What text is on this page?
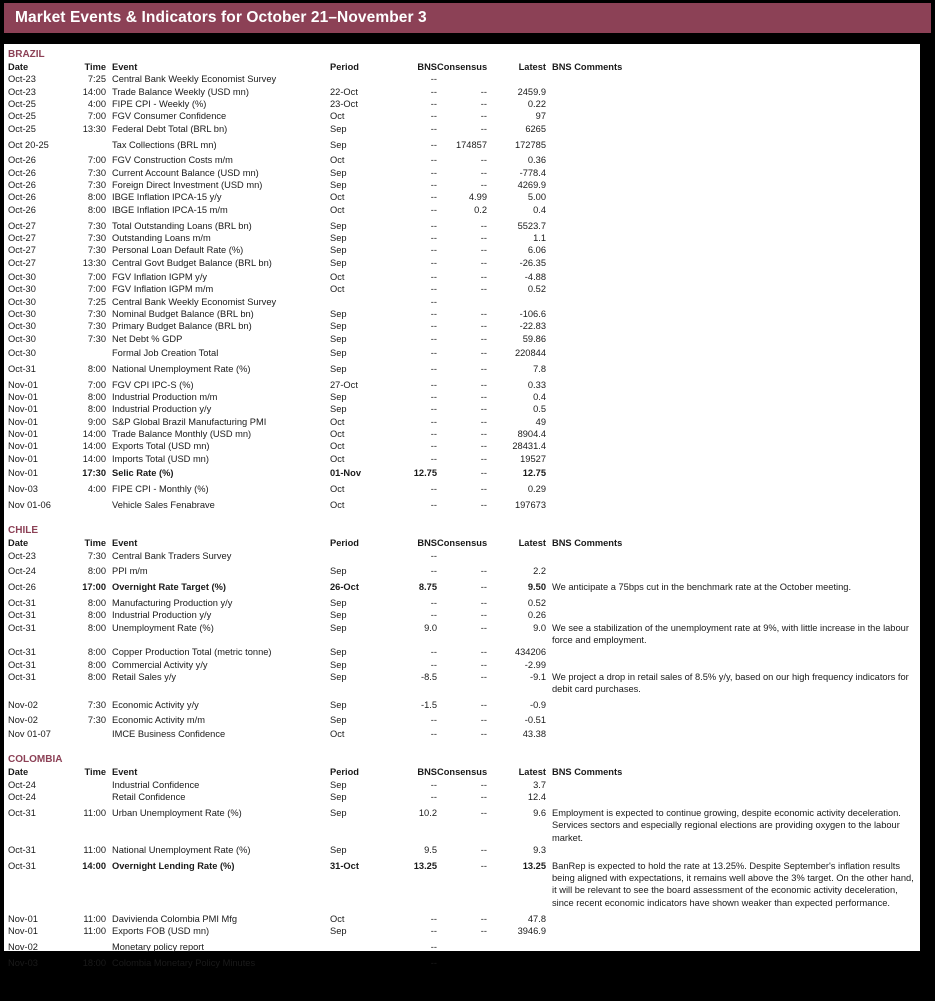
Market Events & Indicators for October 21–November 3
BRAZIL
Date	Time Event	Period	BNS Consensus	Latest BNS Comments
Oct-23	7:25 Central Bank Weekly Economist Survey	--
Oct-23	14:00 Trade Balance Weekly (USD mn)	22-Oct	--	--	2459.9
Oct-25	4:00 FIPE CPI - Weekly (%)	23-Oct	--	--	0.22
Oct-25	7:00 FGV Consumer Confidence	Oct	--	--	97
Oct-25	13:30 Federal Debt Total (BRL bn)	Sep	--	--	6265
Oct 20-25	Tax Collections (BRL mn)	Sep	--	174857	172785
Oct-26	7:00 FGV Construction Costs m/m	Oct	--	--	0.36
Oct-26	7:30 Current Account Balance (USD mn)	Sep	--	--	-778.4
Oct-26	7:30 Foreign Direct Investment (USD mn)	Sep	--	--	4269.9
Oct-26	8:00 IBGE Inflation IPCA-15 y/y	Oct	--	4.99	5.00
Oct-26	8:00 IBGE Inflation IPCA-15 m/m	Oct	--	0.2	0.4
Oct-27	7:30 Total Outstanding Loans (BRL bn)	Sep	--	--	5523.7
Oct-27	7:30 Outstanding Loans m/m	Sep	--	--	1.1
Oct-27	7:30 Personal Loan Default Rate (%)	Sep	--	--	6.06
Oct-27	13:30 Central Govt Budget Balance (BRL bn)	Sep	--	--	-26.35
Oct-30	7:00 FGV Inflation IGPM y/y	Oct	--	--	-4.88
Oct-30	7:00 FGV Inflation IGPM m/m	Oct	--	--	0.52
Oct-30	7:25 Central Bank Weekly Economist Survey	--
Oct-30	7:30 Nominal Budget Balance (BRL bn)	Sep	--	--	-106.6
Oct-30	7:30 Primary Budget Balance (BRL bn)	Sep	--	--	-22.83
Oct-30	7:30 Net Debt % GDP	Sep	--	--	59.86
Oct-30	Formal Job Creation Total	Sep	--	--	220844
Oct-31	8:00 National Unemployment Rate (%)	Sep	--	--	7.8
Nov-01	7:00 FGV CPI IPC-S (%)	27-Oct	--	--	0.33
Nov-01	8:00 Industrial Production m/m	Sep	--	--	0.4
Nov-01	8:00 Industrial Production y/y	Sep	--	--	0.5
Nov-01	9:00 S&P Global Brazil Manufacturing PMI	Oct	--	--	49
Nov-01	14:00 Trade Balance Monthly (USD mn)	Oct	--	--	8904.4
Nov-01	14:00 Exports Total (USD mn)	Oct	--	--	28431.4
Nov-01	14:00 Imports Total (USD mn)	Oct	--	--	19527
Nov-01	17:30 Selic Rate (%)	01-Nov	12.75	--	12.75
Nov-03	4:00 FIPE CPI - Monthly (%)	Oct	--	--	0.29
Nov 01-06	Vehicle Sales Fenabrave	Oct	--	--	197673
CHILE
Date	Time Event	Period	BNS Consensus	Latest BNS Comments
Oct-23	7:30 Central Bank Traders Survey	--
Oct-24	8:00 PPI m/m	Sep	--	--	2.2
Oct-26	17:00 Overnight Rate Target (%)	26-Oct	8.75	--	9.50 We anticipate a 75bps cut in the benchmark rate at the October meeting.
Oct-31	8:00 Manufacturing Production y/y	Sep	--	--	0.52
Oct-31	8:00 Industrial Production y/y	Sep	--	--	0.26
Oct-31	8:00 Unemployment Rate (%)	Sep	9.0	--	9.0 We see a stabilization of the unemployment rate at 9%, with little increase in the labour force and employment.
Oct-31	8:00 Copper Production Total (metric tonne)	Sep	--	--	434206
Oct-31	8:00 Commercial Activity y/y	Sep	--	--	-2.99
Oct-31	8:00 Retail Sales y/y	Sep	-8.5	--	-9.1 We project a drop in retail sales of 8.5% y/y, based on our high frequency indicators for debit card purchases.
Nov-02	7:30 Economic Activity y/y	Sep	-1.5	--	-0.9
Nov-02	7:30 Economic Activity m/m	Sep	--	--	-0.51
Nov 01-07	IMCE Business Confidence	Oct	--	--	43.38
COLOMBIA
Date	Time Event	Period	BNS Consensus	Latest BNS Comments
Oct-24	Industrial Confidence	Sep	--	--	3.7
Oct-24	Retail Confidence	Sep	--	--	12.4
Oct-31	11:00 Urban Unemployment Rate (%)	Sep	10.2	--	9.6 Employment is expected to continue growing, despite economic activity deceleration. Services sectors and especially regional elections are providing oxygen to the labour market.
Oct-31	11:00 National Unemployment Rate (%)	Sep	9.5	--	9.3
Oct-31	14:00 Overnight Lending Rate (%)	31-Oct	13.25	--	13.25 BanRep is expected to hold the rate at 13.25%. Despite September's inflation results being aligned with expectations, it remains well above the 3% target. On the other hand, it will be relevant to see the board assessment of the economic activity deceleration, since recent economic indicators have shown weaker than expected performance.
Nov-01	11:00 Davivienda Colombia PMI Mfg	Oct	--	--	47.8
Nov-01	11:00 Exports FOB (USD mn)	Sep	--	--	3946.9
Nov-02	Monetary policy report	--
Nov-03	18:00 Colombia Monetary Policy Minutes	--
